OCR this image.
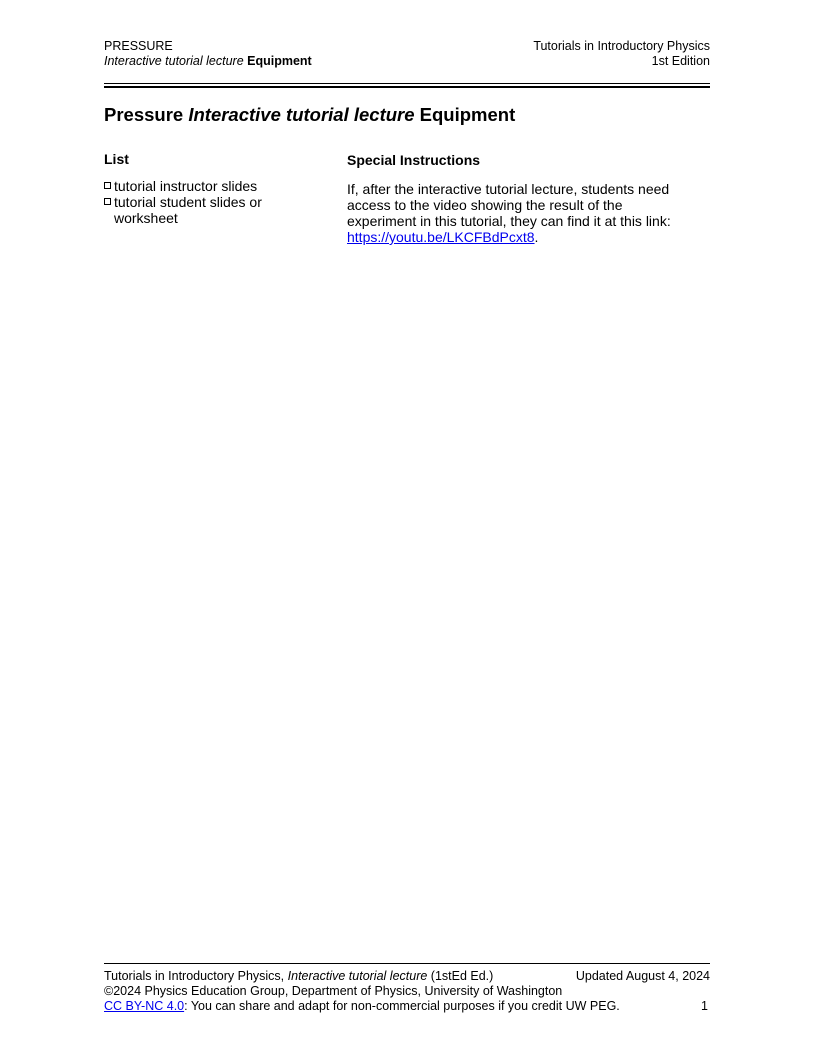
PRESSURE
Interactive tutorial lecture Equipment
Tutorials in Introductory Physics
1st Edition
Pressure Interactive tutorial lecture Equipment
List
tutorial instructor slides
tutorial student slides or worksheet
Special Instructions

If, after the interactive tutorial lecture, students need access to the video showing the result of the experiment in this tutorial, they can find it at this link:  https://youtu.be/LKCFBdPcxt8.

Tutorials in Introductory Physics, Interactive tutorial lecture (1stEd Ed.)	Updated August 4, 2024
©2024 Physics Education Group, Department of Physics, University of Washington
CC BY-NC 4.0: You can share and adapt for non-commercial purposes if you credit UW PEG.	1
